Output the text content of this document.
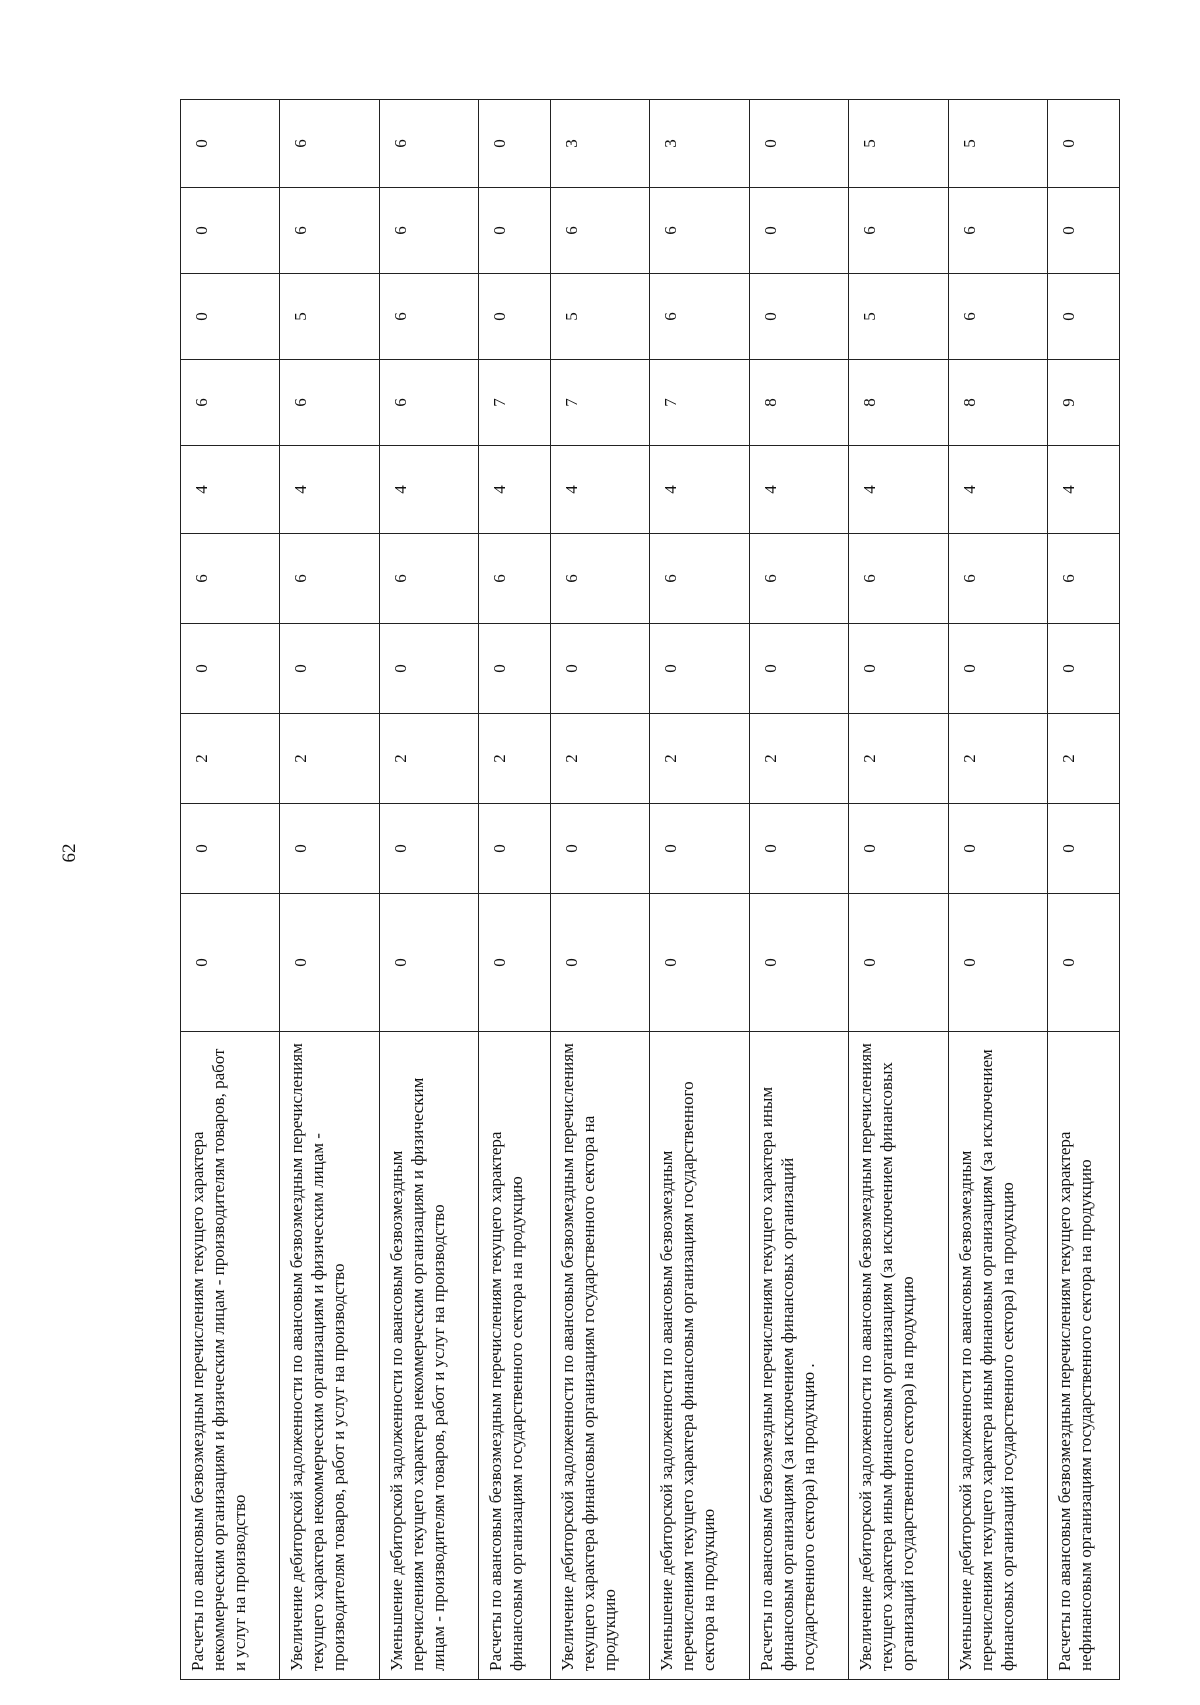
62
Расчеты по авансовым безвозмездным перечислениям текущего характера некоммерческим организациям и физическим лицам - производителям товаров, работ и услуг на производство	0	0	2	0	6	4	6	0	0	0
Увеличение дебиторской задолженности по авансовым безвозмездным перечислениям текущего характера некоммерческим организациям и физическим лицам - производителям товаров, работ и услуг на производство	0	0	2	0	6	4	6	5	6	6
Уменьшение дебиторской задолженности по авансовым безвозмездным перечислениям текущего характера некоммерческим организациям и физическим лицам - производителям товаров, работ и услуг на производство	0	0	2	0	6	4	6	6	6	6
Расчеты по авансовым безвозмездным перечислениям текущего характера финансовым организациям государственного сектора на продукцию	0	0	2	0	6	4	7	0	0	0
Увеличение дебиторской задолженности по авансовым безвозмездным перечислениям текущего характера финансовым организациям государственного сектора на продукцию	0	0	2	0	6	4	7	5	6	3
Уменьшение дебиторской задолженности по авансовым безвозмездным перечислениям текущего характера финансовым организациям государственного сектора на продукцию	0	0	2	0	6	4	7	6	6	3
Расчеты по авансовым безвозмездным перечислениям текущего характера иным финансовым организациям (за исключением финансовых организаций государственного сектора) на продукцию .	0	0	2	0	6	4	8	0	0	0
Увеличение дебиторской задолженности по авансовым безвозмездным перечислениям текущего характера иным финансовым организациям (за исключением финансовых организаций государственного сектора) на продукцию	0	0	2	0	6	4	8	5	6	5
Уменьшение дебиторской задолженности по авансовым безвозмездным перечислениям текущего характера иным финановым организациям (за исключением финансовых организаций государственного сектора) на продукцию	0	0	2	0	6	4	8	6	6	5
Расчеты по авансовым безвозмездным перечислениям текущего характера нефинансовым организациям государственного сектора на продукцию	0	0	2	0	6	4	9	0	0	0
